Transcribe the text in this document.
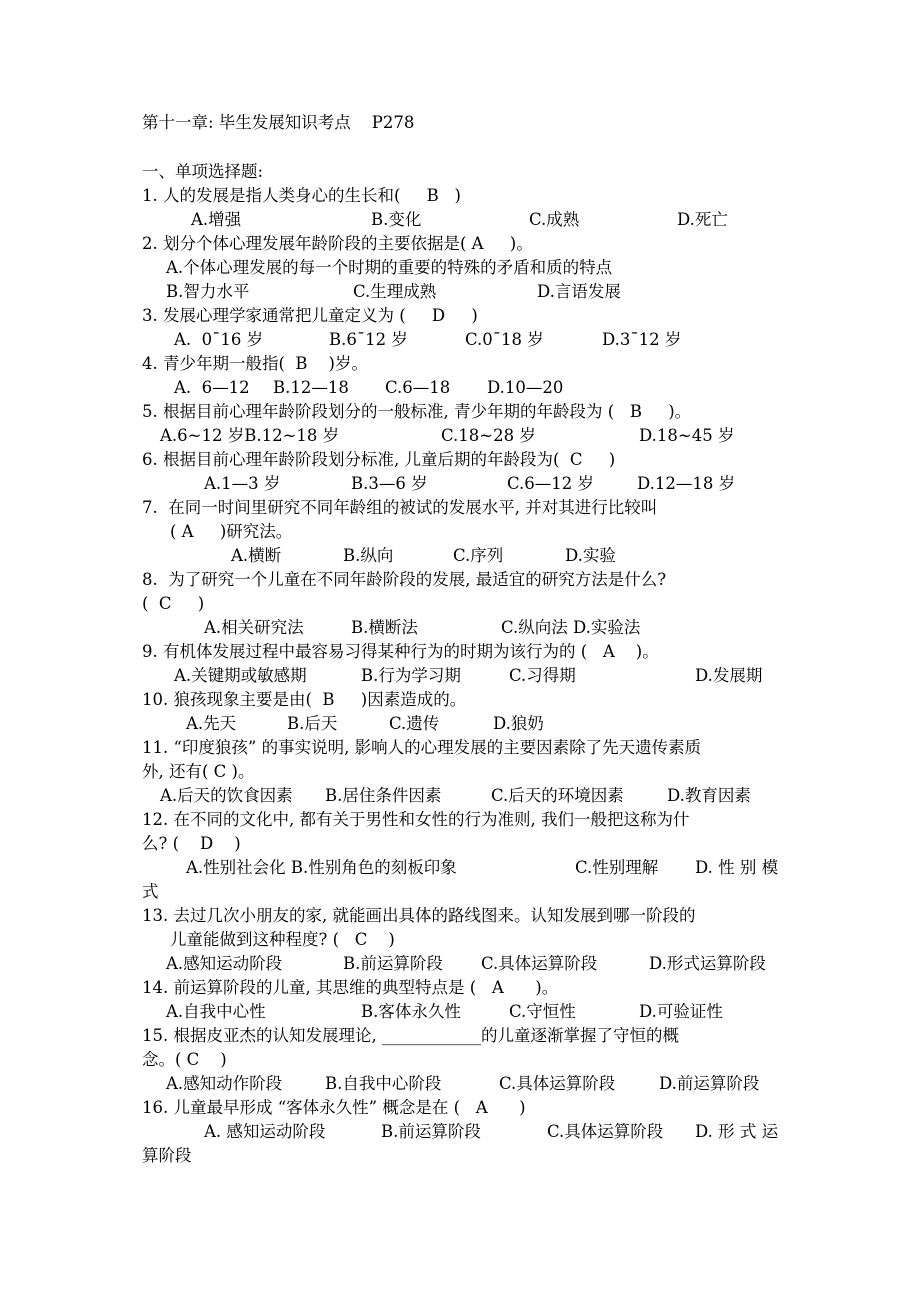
第十一章: 毕生发展知识考点    P278
一、单项选择题:
1. 人的发展是指人类身心的生长和(     B   )

A.增强

	B.变化

	C.成熟

	D.死亡

2. 划分个体心理发展年龄阶段的主要依据是( A     )。
A.个体心理发展的每一个时期的重要的特殊的矛盾和质的特点

B.智力水平

	C.生理成熟

	D.言语发展

3. 发展心理学家通常把儿童定义为 (     D     )

A.  0¯16 岁

	B.6¯12 岁

	C.0¯18 岁

	D.3¯12 岁

4. 青少年期一般指(  B    )岁。

A.  6—12

B.12—18

C.6—18

D.10—20

5. 根据目前心理年龄阶段划分的一般标准, 青少年期的年龄段为 (   B     )。

A.6~12 岁B.12~18 岁

	C.18~28 岁

	D.18~45 岁

6. 根据目前心理年龄阶段划分标准, 儿童后期的年龄段为(  C     )

A.1—3 岁

	B.3—6 岁

	C.6—12 岁

	D.12—18 岁

7.  在同一时间里研究不同年龄组的被试的发展水平, 并对其进行比较叫
( A     )研究法。

A.横断

	B.纵向

	C.序列

	D.实验

8.  为了研究一个儿童在不同年龄阶段的发展, 最适宜的研究方法是什么?
(  C     )

A.相关研究法

	B.横断法

	C.纵向法 D.实验法

9. 有机体发展过程中最容易习得某种行为的时期为该行为的 (   A    )。

A.关键期或敏感期

	B.行为学习期

	C.习得期

	D.发展期

10. 狼孩现象主要是由(  B     )因素造成的。

A.先天

	B.后天

	C.遗传

	D.狼奶

11. “印度狼孩” 的事实说明, 影响人的心理发展的主要因素除了先天遗传素质
外, 还有( C )。

A.后天的饮食因素

B.居住条件因素

	C.后天的环境因素

	D.教育因素

12. 在不同的文化中, 都有关于男性和女性的行为准则, 我们一般把这称为什
么? (    D    )

A.性别社会化 B.性别角色的刻板印象

	C.性别理解

D. 性 别 模

式
13. 去过几次小朋友的家, 就能画出具体的路线图来。认知发展到哪一阶段的
儿童能做到这种程度? (   C    )

A.感知运动阶段

	B.前运算阶段

C.具体运算阶段

	D.形式运算阶段

14. 前运算阶段的儿童, 其思维的典型特点是 (   A      )。

A.自我中心性

	B.客体永久性

	C.守恒性

	D.可验证性

15. 根据皮亚杰的认知发展理论, ____________的儿童逐渐掌握了守恒的概
念。( C    )

A.感知动作阶段

	B.自我中心阶段

	C.具体运算阶段

	D.前运算阶段

16. 儿童最早形成 “客体永久性” 概念是在 (   A      )

A. 感知运动阶段

	B.前运算阶段

	C.具体运算阶段

D. 形 式 运

算阶段
